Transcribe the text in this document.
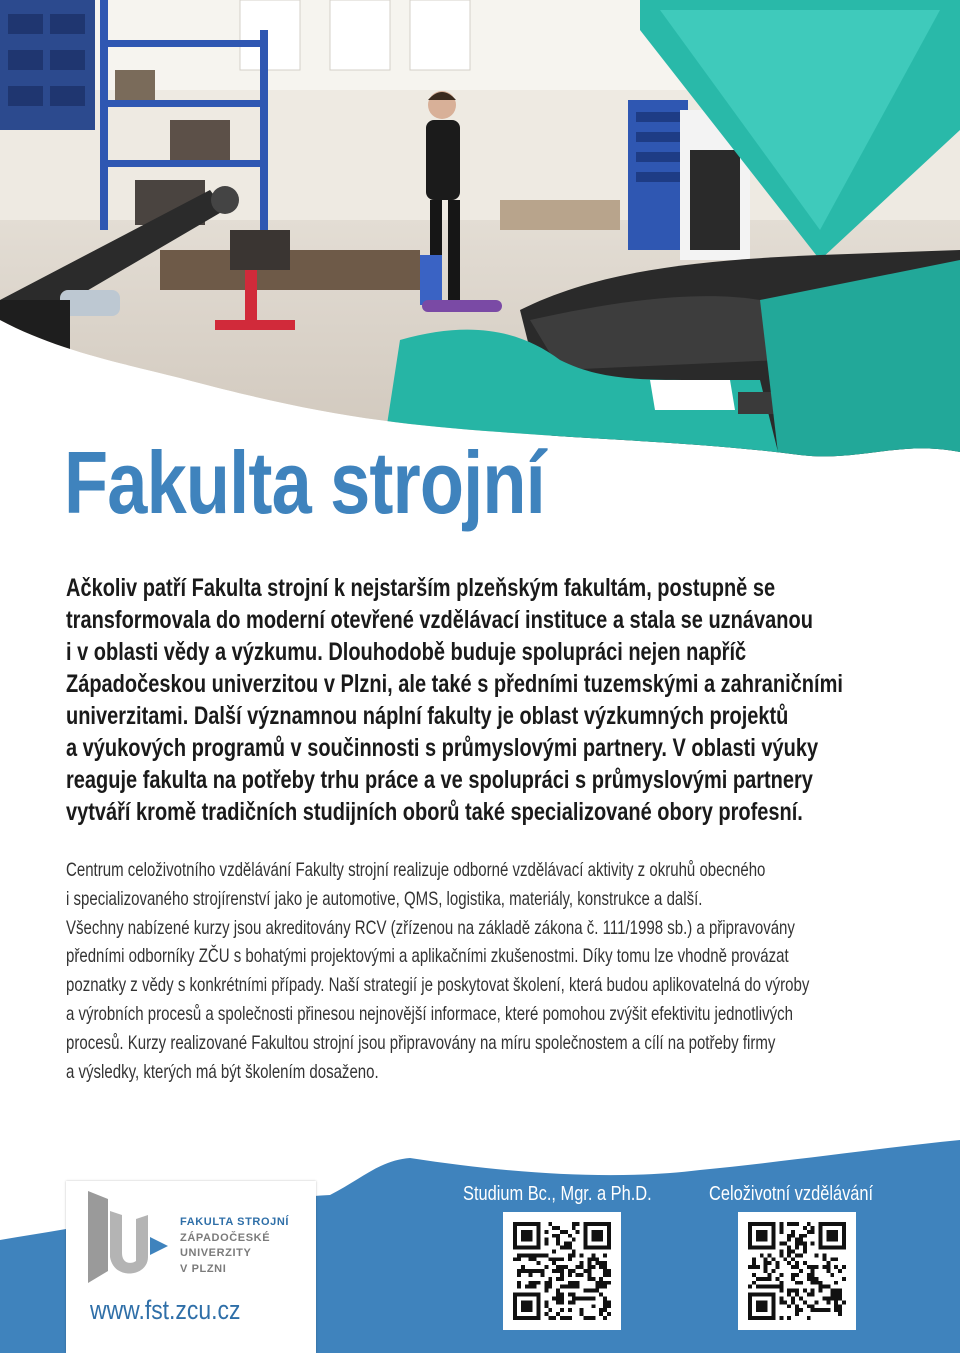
Fakulta strojní

Ačkoliv patří Fakulta strojní k nejstarším plzeňským fakultám, postupně se
transformovala do moderní otevřené vzdělávací instituce a stala se uznávanou
i v oblasti vědy a výzkumu. Dlouhodobě buduje spolupráci nejen napříč
Západočeskou univerzitou v Plzni, ale také s předními tuzemskými a zahraničními
univerzitami. Další významnou náplní fakulty je oblast výzkumných projektů
a výukových programů v součinnosti s průmyslovými partnery. V oblasti výuky
reaguje fakulta na potřeby trhu práce a ve spolupráci s průmyslovými partnery
vytváří kromě tradičních studijních oborů také specializované obory profesní.

Centrum celoživotního vzdělávání Fakulty strojní realizuje odborné vzdělávací aktivity z okruhů obecného
i specializovaného strojírenství jako je automotive, QMS, logistika, materiály, konstrukce a další.
Všechny nabízené kurzy jsou akreditovány RCV (zřízenou na základě zákona č. 111/1998 sb.) a připravovány
předními odborníky ZČU s bohatými projektovými a aplikačními zkušenostmi. Díky tomu lze vhodně provázat
poznatky z vědy s konkrétními případy. Naší strategií je poskytovat školení, která budou aplikovatelná do výroby
a výrobních procesů a společnosti přinesou nejnovější informace, které pomohou zvýšit efektivitu jednotlivých
procesů. Kurzy realizované Fakultou strojní jsou připravovány na míru společnostem a cílí na potřeby firmy
a výsledky, kterých má být školením dosaženo.

FAKULTA STROJNÍ
ZÁPADOČESKÉ
UNIVERZITY
V PLZNI
www.fst.zcu.cz
Studium Bc., Mgr. a Ph.D.	Celoživotní vzdělávání
